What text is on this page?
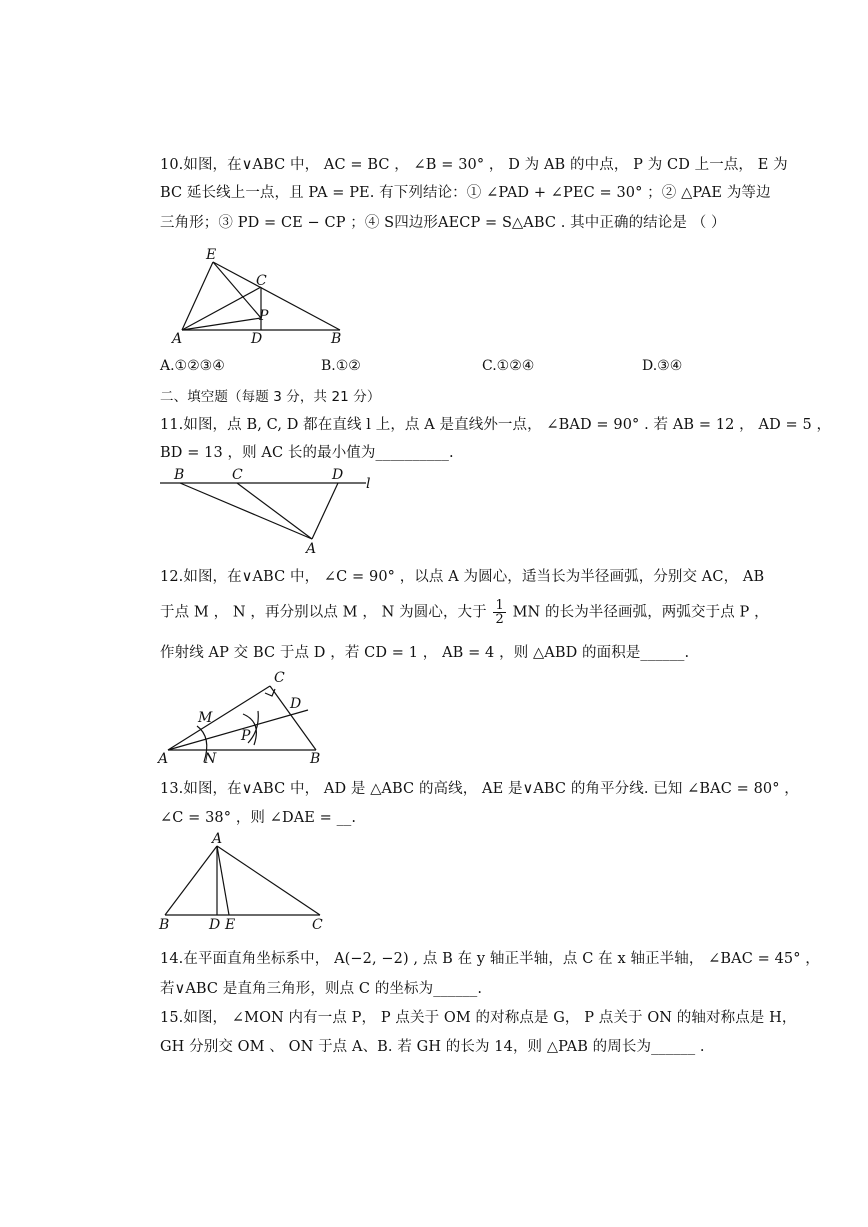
10.如图，在∨ABC 中， AC = BC ， ∠B = 30° ， D 为 AB 的中点， P 为 CD 上一点， E 为
BC 延长线上一点，且 PA = PE. 有下列结论：① ∠PAD + ∠PEC = 30° ；② △PAE 为等边
三角形；③ PD = CE − CP ；④ S四边形AECP = S△ABC . 其中正确的结论是 （ ）
E
C
P
A	D	B
A.①②③④	B.①②	C.①②④	D.③④
二、填空题（每题 3 分，共 21 分）
11.如图，点 B, C, D 都在直线 l 上，点 A 是直线外一点， ∠BAD = 90° . 若 AB = 12 ， AD = 5 ，
BD = 13 ，则 AC 长的最小值为__________.
B	C	D
l
A
12.如图，在∨ABC 中， ∠C = 90° ，以点 A 为圆心，适当长为半径画弧，分别交 AC， AB
于点 M ， N ，再分别以点 M ， N 为圆心，大于 $\frac{1}{2}$ MN 的长为半径画弧，两弧交于点 P ，
作射线 AP 交 BC 于点 D ，若 CD = 1 ， AB = 4 ，则 △ABD 的面积是______.
C
M
D
P
A	N	B
13.如图，在∨ABC 中， AD 是 △ABC 的高线， AE 是∨ABC 的角平分线. 已知 ∠BAC = 80° ，
∠C = 38° ，则 ∠DAE = __.
A
B	D E	C
14.在平面直角坐标系中， A(−2, −2) , 点 B 在 y 轴正半轴，点 C 在 x 轴正半轴， ∠BAC = 45° ，
若∨ABC 是直角三角形，则点 C 的坐标为______.
15.如图， ∠MON 内有一点 P， P 点关于 OM 的对称点是 G， P 点关于 ON 的轴对称点是 H，
GH 分别交 OM 、 ON 于点 A、B. 若 GH 的长为 14，则 △PAB 的周长为______ .
